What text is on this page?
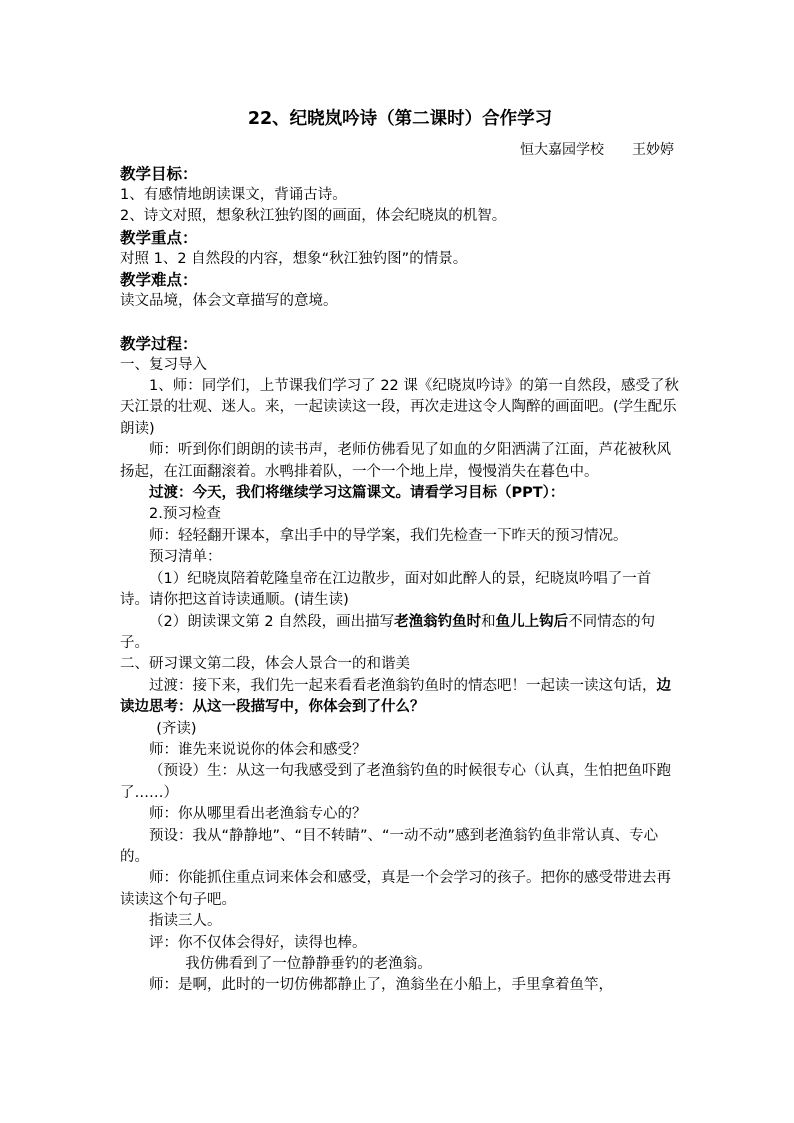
22、纪晓岚吟诗（第二课时）合作学习
恒大嘉园学校 王妙婷
教学目标：
1、有感情地朗读课文，背诵古诗。
2、诗文对照，想象秋江独钓图的画面，体会纪晓岚的机智。
教学重点：
对照 1、2 自然段的内容，想象“秋江独钓图”的情景。
教学难点：
读文品境，体会文章描写的意境。
教学过程：
一、复习导入
1、师：同学们，上节课我们学习了 22 课《纪晓岚吟诗》的第一自然段，感受了秋天江景的壮观、迷人。来，一起读读这一段，再次走进这令人陶醉的画面吧。(学生配乐朗读)
师：听到你们朗朗的读书声，老师仿佛看见了如血的夕阳洒满了江面，芦花被秋风扬起，在江面翻滚着。水鸭排着队，一个一个地上岸，慢慢消失在暮色中。
过渡：今天，我们将继续学习这篇课文。请看学习目标（PPT）：
2.预习检查
师：轻轻翻开课本，拿出手中的导学案，我们先检查一下昨天的预习情况。
预习清单：
（1）纪晓岚陪着乾隆皇帝在江边散步，面对如此醉人的景，纪晓岚吟唱了一首诗。请你把这首诗读通顺。(请生读)
（2）朗读课文第 2 自然段，画出描写老渔翁钓鱼时和鱼儿上钩后不同情态的句子。
二、研习课文第二段，体会人景合一的和谐美
过渡：接下来，我们先一起来看看老渔翁钓鱼时的情态吧！一起读一读这句话，边读边思考：从这一段描写中，你体会到了什么？
(齐读)
师：谁先来说说你的体会和感受？
（预设）生：从这一句我感受到了老渔翁钓鱼的时候很专心（认真，生怕把鱼吓跑了……）
师：你从哪里看出老渔翁专心的？
预设：我从“静静地”、“目不转睛”、“一动不动”感到老渔翁钓鱼非常认真、专心的。
师：你能抓住重点词来体会和感受，真是一个会学习的孩子。把你的感受带进去再读读这个句子吧。
指读三人。
评：你不仅体会得好，读得也棒。
我仿佛看到了一位静静垂钓的老渔翁。
师：是啊，此时的一切仿佛都静止了，渔翁坐在小船上，手里拿着鱼竿，
